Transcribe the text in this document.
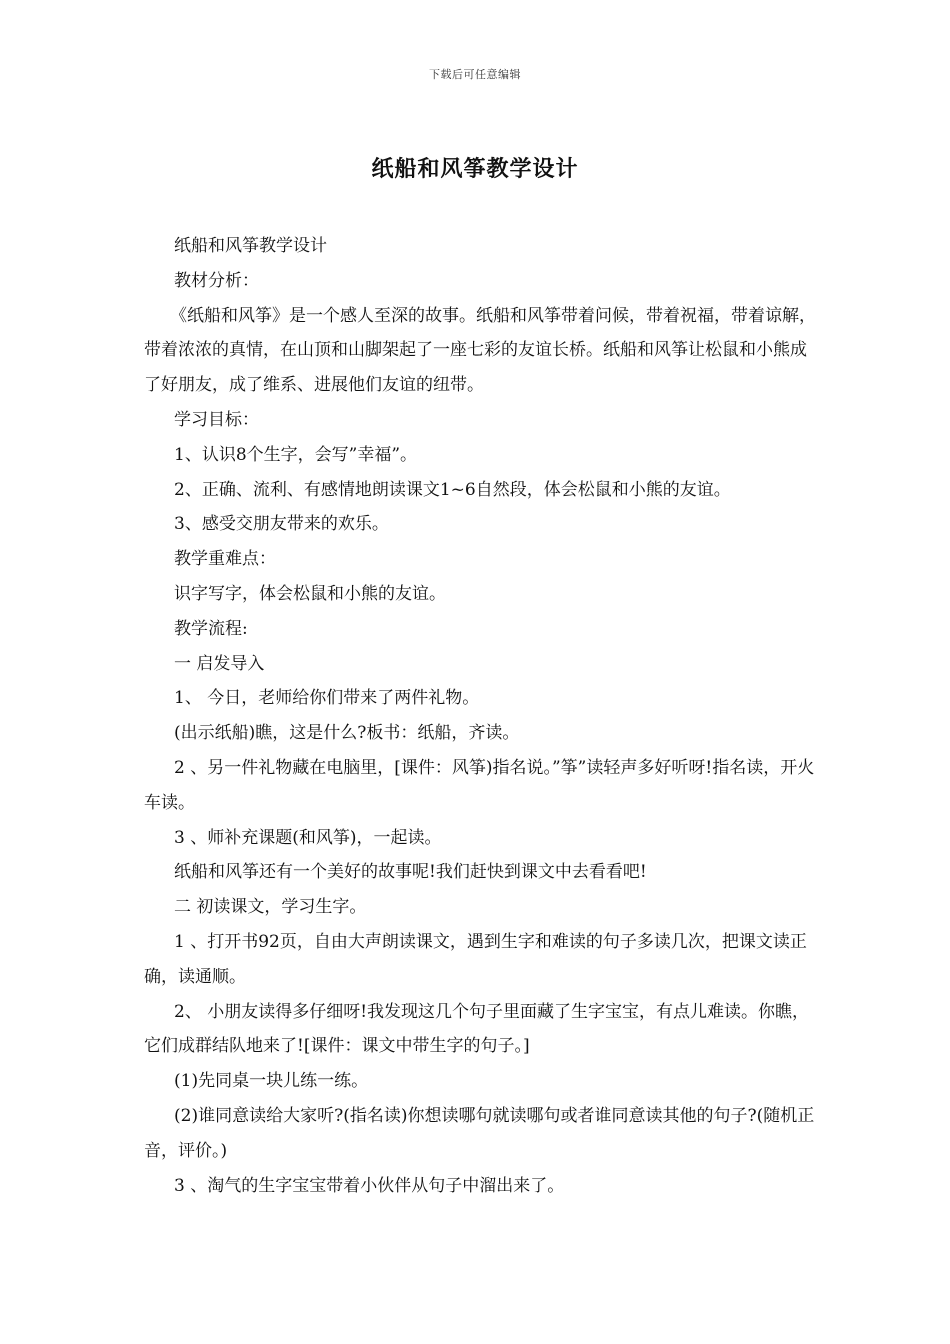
下载后可任意编辑
纸船和风筝教学设计

纸船和风筝教学设计

教材分析：

《纸船和风筝》是一个感人至深的故事。纸船和风筝带着问候，带着祝福，带着谅解，带着浓浓的真情，在山顶和山脚架起了一座七彩的友谊长桥。纸船和风筝让松鼠和小熊成了好朋友，成了维系、进展他们友谊的纽带。

学习目标：

1、认识8个生字，会写”幸福”。

2、正确、流利、有感情地朗读课文1~6自然段，体会松鼠和小熊的友谊。

3、感受交朋友带来的欢乐。

教学重难点：

识字写字，体会松鼠和小熊的友谊。

教学流程:

一 启发导入

1、 今日，老师给你们带来了两件礼物。

(出示纸船)瞧，这是什么?板书：纸船，齐读。

2 、另一件礼物藏在电脑里，[课件：风筝)指名说。”筝”读轻声多好听呀!指名读，开火车读。

3 、师补充课题(和风筝)，一起读。

纸船和风筝还有一个美好的故事呢!我们赶快到课文中去看看吧!

二 初读课文，学习生字。

1 、打开书92页，自由大声朗读课文，遇到生字和难读的句子多读几次，把课文读正确，读通顺。

2、 小朋友读得多仔细呀!我发现这几个句子里面藏了生字宝宝，有点儿难读。你瞧，它们成群结队地来了![课件：课文中带生字的句子。]

(1)先同桌一块儿练一练。

(2)谁同意读给大家听?(指名读)你想读哪句就读哪句或者谁同意读其他的句子?(随机正音，评价。)

3 、淘气的生字宝宝带着小伙伴从句子中溜出来了。
